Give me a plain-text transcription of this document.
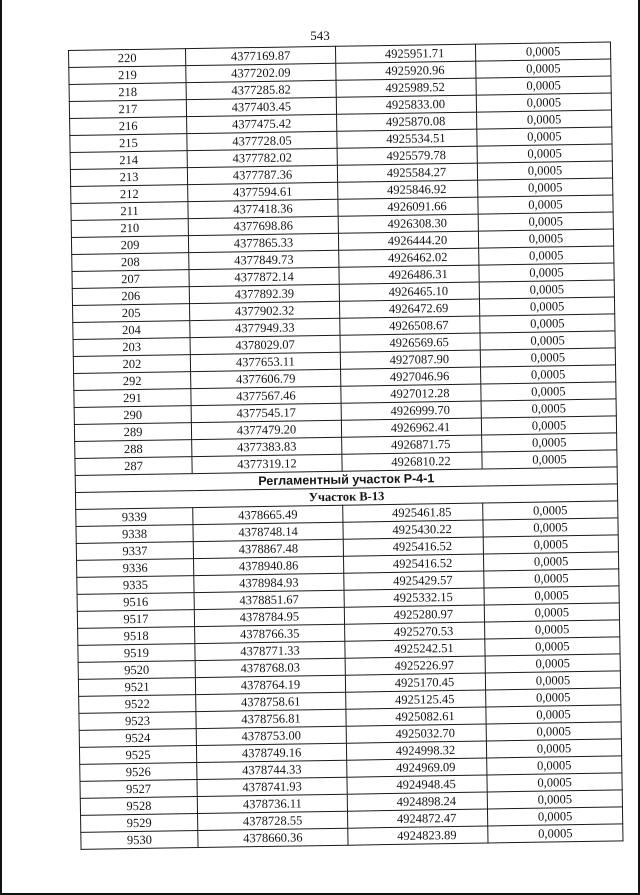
543
220	4377169.87	4925951.71	0,0005
219	4377202.09	4925920.96	0,0005
218	4377285.82	4925989.52	0,0005
217	4377403.45	4925833.00	0,0005
216	4377475.42	4925870.08	0,0005
215	4377728.05	4925534.51	0,0005
214	4377782.02	4925579.78	0,0005
213	4377787.36	4925584.27	0,0005
212	4377594.61	4925846.92	0,0005
211	4377418.36	4926091.66	0,0005
210	4377698.86	4926308.30	0,0005
209	4377865.33	4926444.20	0,0005
208	4377849.73	4926462.02	0,0005
207	4377872.14	4926486.31	0,0005
206	4377892.39	4926465.10	0,0005
205	4377902.32	4926472.69	0,0005
204	4377949.33	4926508.67	0,0005
203	4378029.07	4926569.65	0,0005
202	4377653.11	4927087.90	0,0005
292	4377606.79	4927046.96	0,0005
291	4377567.46	4927012.28	0,0005
290	4377545.17	4926999.70	0,0005
289	4377479.20	4926962.41	0,0005
288	4377383.83	4926871.75	0,0005
287	4377319.12	4926810.22	0,0005
Регламентный участок Р-4-1			
Участок В-13			
9339	4378665.49	4925461.85	0,0005
9338	4378748.14	4925430.22	0,0005
9337	4378867.48	4925416.52	0,0005
9336	4378940.86	4925416.52	0,0005
9335	4378984.93	4925429.57	0,0005
9516	4378851.67	4925332.15	0,0005
9517	4378784.95	4925280.97	0,0005
9518	4378766.35	4925270.53	0,0005
9519	4378771.33	4925242.51	0,0005
9520	4378768.03	4925226.97	0,0005
9521	4378764.19	4925170.45	0,0005
9522	4378758.61	4925125.45	0,0005
9523	4378756.81	4925082.61	0,0005
9524	4378753.00	4925032.70	0,0005
9525	4378749.16	4924998.32	0,0005
9526	4378744.33	4924969.09	0,0005
9527	4378741.93	4924948.45	0,0005
9528	4378736.11	4924898.24	0,0005
9529	4378728.55	4924872.47	0,0005
9530	4378660.36	4924823.89	0,0005
